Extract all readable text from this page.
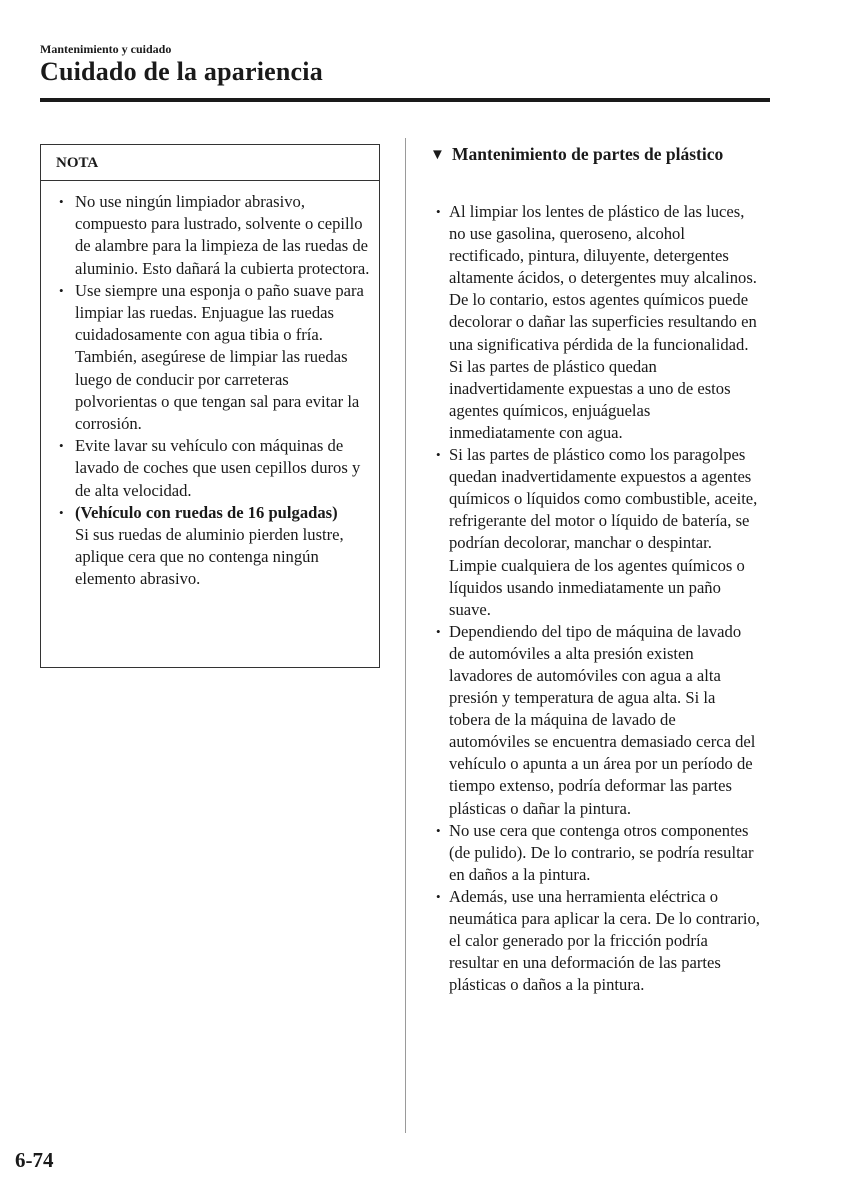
Mantenimiento y cuidado
Cuidado de la apariencia
NOTA
• No use ningún limpiador abrasivo, compuesto para lustrado, solvente o cepillo de alambre para la limpieza de las ruedas de aluminio. Esto dañará la cubierta protectora.
• Use siempre una esponja o paño suave para limpiar las ruedas. Enjuague las ruedas cuidadosamente con agua tibia o fría. También, asegúrese de limpiar las ruedas luego de conducir por carreteras polvorientas o que tengan sal para evitar la corrosión.
• Evite lavar su vehículo con máquinas de lavado de coches que usen cepillos duros y de alta velocidad.
• (Vehículo con ruedas de 16 pulgadas)
Si sus ruedas de aluminio pierden lustre, aplique cera que no contenga ningún elemento abrasivo.
▼ Mantenimiento de partes de plástico
• Al limpiar los lentes de plástico de las luces, no use gasolina, queroseno, alcohol rectificado, pintura, diluyente, detergentes altamente ácidos, o detergentes muy alcalinos. De lo contario, estos agentes químicos puede decolorar o dañar las superficies resultando en una significativa pérdida de la funcionalidad. Si las partes de plástico quedan inadvertidamente expuestas a uno de estos agentes químicos, enjuáguelas inmediatamente con agua.
• Si las partes de plástico como los paragolpes quedan inadvertidamente expuestos a agentes químicos o líquidos como combustible, aceite, refrigerante del motor o líquido de batería, se podrían decolorar, manchar o despintar. Limpie cualquiera de los agentes químicos o líquidos usando inmediatamente un paño suave.
• Dependiendo del tipo de máquina de lavado de automóviles a alta presión existen lavadores de automóviles con agua a alta presión y temperatura de agua alta. Si la tobera de la máquina de lavado de automóviles se encuentra demasiado cerca del vehículo o apunta a un área por un período de tiempo extenso, podría deformar las partes plásticas o dañar la pintura.
• No use cera que contenga otros componentes (de pulido). De lo contrario, se podría resultar en daños a la pintura.
• Además, use una herramienta eléctrica o neumática para aplicar la cera. De lo contrario, el calor generado por la fricción podría resultar en una deformación de las partes plásticas o daños a la pintura.
6-74
